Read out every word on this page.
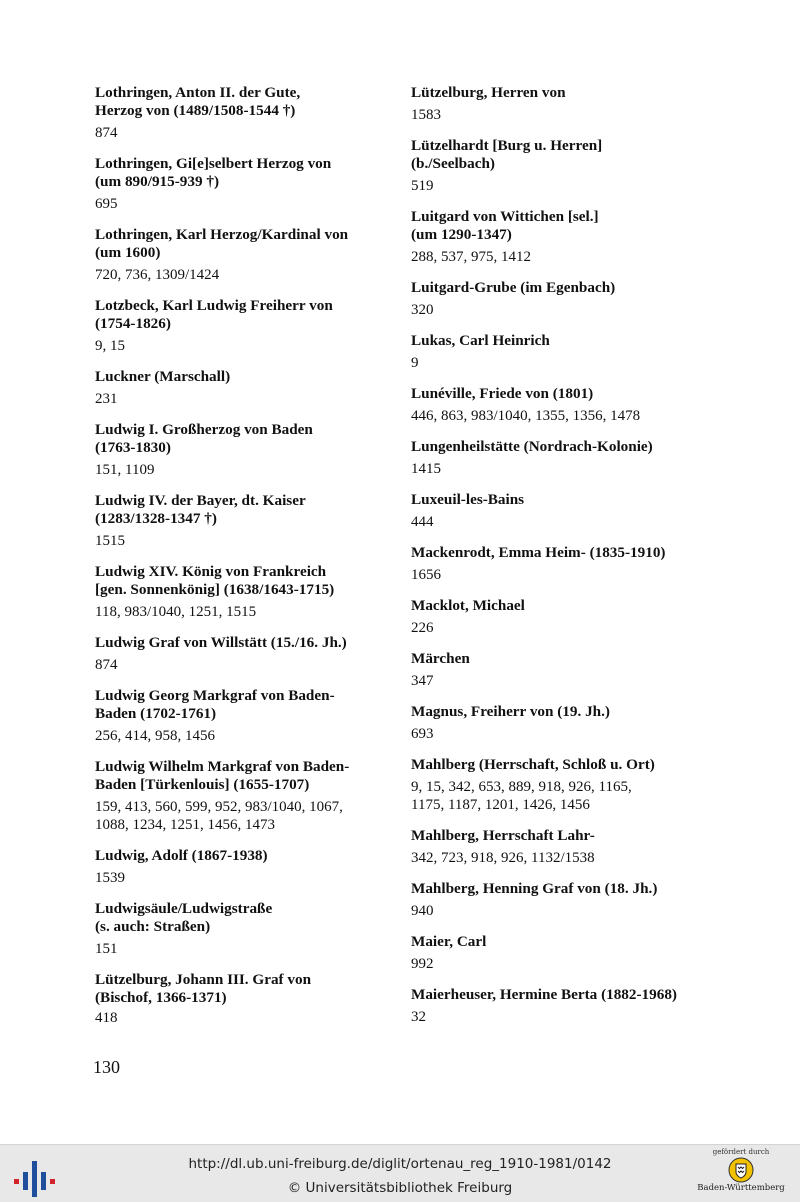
Lothringen, Anton II. der Gute,
Herzog von (1489/1508-1544 †)
874
Lothringen, Gi[e]selbert Herzog von
(um 890/915-939 †)
695
Lothringen, Karl Herzog/Kardinal von
(um 1600)
720, 736, 1309/1424
Lotzbeck, Karl Ludwig Freiherr von
(1754-1826)
9, 15
Luckner (Marschall)
231
Ludwig I. Großherzog von Baden
(1763-1830)
151, 1109
Ludwig IV. der Bayer, dt. Kaiser
(1283/1328-1347 †)
1515
Ludwig XIV. König von Frankreich
[gen. Sonnenkönig] (1638/1643-1715)
118, 983/1040, 1251, 1515
Ludwig Graf von Willstätt (15./16. Jh.)
874
Ludwig Georg Markgraf von Baden-
Baden (1702-1761)
256, 414, 958, 1456
Ludwig Wilhelm Markgraf von Baden-
Baden [Türkenlouis] (1655-1707)
159, 413, 560, 599, 952, 983/1040, 1067,
1088, 1234, 1251, 1456, 1473
Ludwig, Adolf (1867-1938)
1539
Ludwigsäule/Ludwigstraße
(s. auch: Straßen)
151
Lützelburg, Johann III. Graf von
(Bischof, 1366-1371)
418
Lützelburg, Herren von
1583
Lützelhardt [Burg u. Herren]
(b./Seelbach)
519
Luitgard von Wittichen [sel.]
(um 1290-1347)
288, 537, 975, 1412
Luitgard-Grube (im Egenbach)
320
Lukas, Carl Heinrich
9
Lunéville, Friede von (1801)
446, 863, 983/1040, 1355, 1356, 1478
Lungenheilstätte (Nordrach-Kolonie)
1415
Luxeuil-les-Bains
444
Mackenrodt, Emma Heim- (1835-1910)
1656
Macklot, Michael
226
Märchen
347
Magnus, Freiherr von (19. Jh.)
693
Mahlberg (Herrschaft, Schloß u. Ort)
9, 15, 342, 653, 889, 918, 926, 1165,
1175, 1187, 1201, 1426, 1456
Mahlberg, Herrschaft Lahr-
342, 723, 918, 926, 1132/1538
Mahlberg, Henning Graf von (18. Jh.)
940
Maier, Carl
992
Maierheuser, Hermine Berta (1882-1968)
32
130
http://dl.ub.uni-freiburg.de/diglit/ortenau_reg_1910-1981/0142
© Universitätsbibliothek Freiburg
gefördert durch
Baden-Württemberg
